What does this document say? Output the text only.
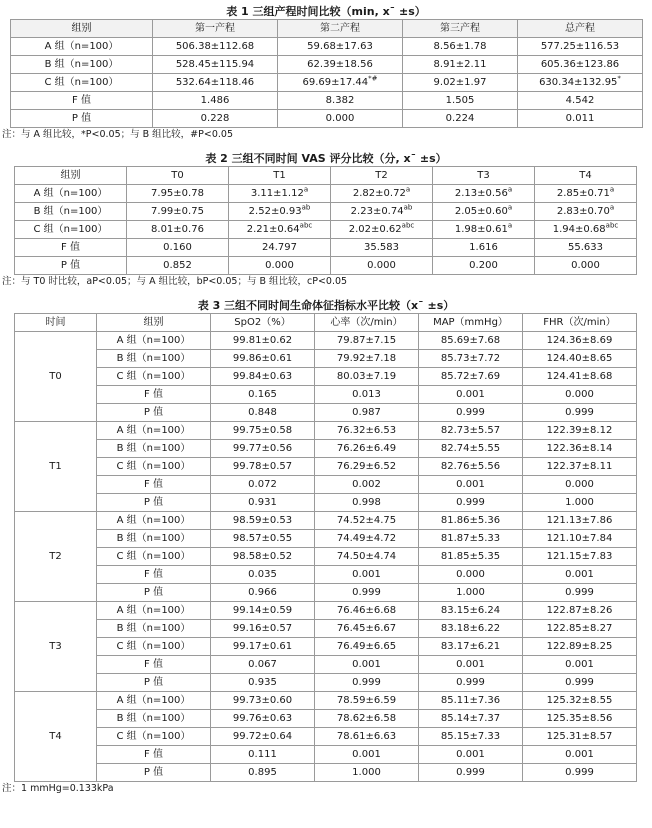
表 1 三组产程时间比较（min, x¯ ±s）
组别	第一产程	第二产程	第三产程	总产程
A 组（n=100）	506.38±112.68	59.68±17.63	8.56±1.78	577.25±116.53
B 组（n=100）	528.45±115.94	62.39±18.56	8.91±2.11	605.36±123.86
C 组（n=100）	532.64±118.46	69.69±17.44*#	9.02±1.97	630.34±132.95*
F 值	1.486	8.382	1.505	4.542
P 值	0.228	0.000	0.224	0.011
注：与 A 组比较，*P<0.05；与 B 组比较，#P<0.05
表 2 三组不同时间 VAS 评分比较（分, x¯ ±s）
组别	T0	T1	T2	T3	T4
A 组（n=100）	7.95±0.78	3.11±1.12$^a$	2.82±0.72$^a$	2.13±0.56$^a$	2.85±0.71$^a$
B 组（n=100）	7.99±0.75	2.52±0.93$^{ab}$	2.23±0.74$^{ab}$	2.05±0.60$^a$	2.83±0.70$^a$
C 组（n=100）	8.01±0.76	2.21±0.64$^{abc}$	2.02±0.62$^{abc}$	1.98±0.61$^a$	1.94±0.68$^{abc}$
F 值	0.160	24.797	35.583	1.616	55.633
P 值	0.852	0.000	0.000	0.200	0.000
注：与 T0 时比较，aP<0.05；与 A 组比较，bP<0.05；与 B 组比较，cP<0.05
表 3 三组不同时间生命体征指标水平比较（x¯ ±s）
时间	组别	SpO2（%）	心率（次/min）	MAP（mmHg）	FHR（次/min）
T0	A 组（n=100）	99.81±0.62	79.87±7.15	85.69±7.68	124.36±8.69
	B 组（n=100）	99.86±0.61	79.92±7.18	85.73±7.72	124.40±8.65
	C 组（n=100）	99.84±0.63	80.03±7.19	85.72±7.69	124.41±8.68
	F 值	0.165	0.013	0.001	0.000
	P 值	0.848	0.987	0.999	0.999
T1	A 组（n=100）	99.75±0.58	76.32±6.53	82.73±5.57	122.39±8.12
	B 组（n=100）	99.77±0.56	76.26±6.49	82.74±5.55	122.36±8.14
	C 组（n=100）	99.78±0.57	76.29±6.52	82.76±5.56	122.37±8.11
	F 值	0.072	0.002	0.001	0.000
	P 值	0.931	0.998	0.999	1.000
T2	A 组（n=100）	98.59±0.53	74.52±4.75	81.86±5.36	121.13±7.86
	B 组（n=100）	98.57±0.55	74.49±4.72	81.87±5.33	121.10±7.84
	C 组（n=100）	98.58±0.52	74.50±4.74	81.85±5.35	121.15±7.83
	F 值	0.035	0.001	0.000	0.001
	P 值	0.966	0.999	1.000	0.999
T3	A 组（n=100）	99.14±0.59	76.46±6.68	83.15±6.24	122.87±8.26
	B 组（n=100）	99.16±0.57	76.45±6.67	83.18±6.22	122.85±8.27
	C 组（n=100）	99.17±0.61	76.49±6.65	83.17±6.21	122.89±8.25
	F 值	0.067	0.001	0.001	0.001
	P 值	0.935	0.999	0.999	0.999
T4	A 组（n=100）	99.73±0.60	78.59±6.59	85.11±7.36	125.32±8.55
	B 组（n=100）	99.76±0.63	78.62±6.58	85.14±7.37	125.35±8.56
	C 组（n=100）	99.72±0.64	78.61±6.63	85.15±7.33	125.31±8.57
	F 值	0.111	0.001	0.001	0.001
	P 值	0.895	1.000	0.999	0.999
注：1 mmHg=0.133kPa
